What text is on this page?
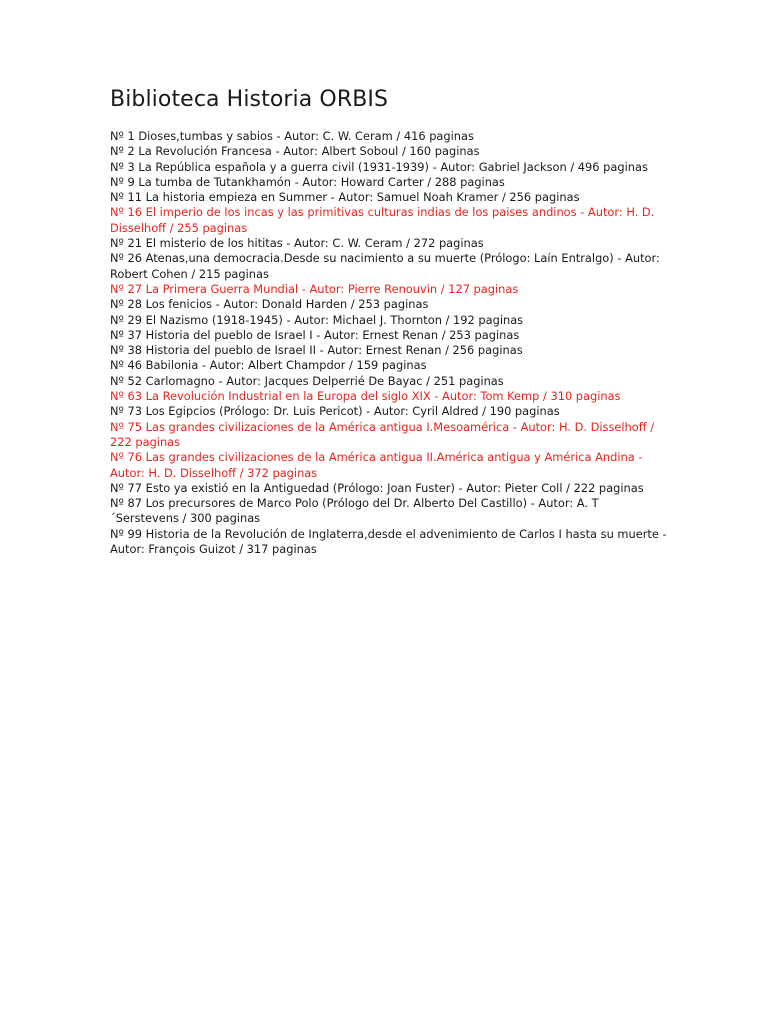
Biblioteca Historia ORBIS
Nº 1 Dioses,tumbas y sabios - Autor: C. W. Ceram / 416 paginas
Nº 2 La Revolución Francesa - Autor: Albert Soboul / 160 paginas
Nº 3 La República española y a guerra civil (1931-1939) - Autor: Gabriel Jackson / 496 paginas
Nº 9 La tumba de Tutankhamón - Autor: Howard Carter / 288 paginas
Nº 11 La historia empieza en Summer - Autor: Samuel Noah Kramer / 256 paginas
Nº 16 El imperio de los incas y las primitivas culturas indias de los paises andinos - Autor: H. D. Disselhoff / 255 paginas
Nº 21 El misterio de los hititas - Autor: C. W. Ceram / 272 paginas
Nº 26 Atenas,una democracia.Desde su nacimiento a su muerte (Prólogo: Laín Entralgo) - Autor: Robert Cohen / 215 paginas
Nº 27 La Primera Guerra Mundial - Autor: Pierre Renouvin / 127 paginas
Nº 28 Los fenicios - Autor: Donald Harden / 253 paginas
Nº 29 El Nazismo (1918-1945) - Autor: Michael J. Thornton / 192 paginas
Nº 37 Historia del pueblo de Israel I - Autor: Ernest Renan / 253 paginas
Nº 38 Historia del pueblo de Israel II - Autor: Ernest Renan / 256 paginas
Nº 46 Babilonia - Autor: Albert Champdor / 159 paginas
Nº 52 Carlomagno - Autor: Jacques Delperrié De Bayac / 251 paginas
Nº 63 La Revolución Industrial en la Europa del siglo XIX - Autor: Tom Kemp / 310 paginas
Nº 73 Los Egipcios (Prólogo: Dr. Luis Pericot) - Autor: Cyril Aldred / 190 paginas
Nº 75 Las grandes civilizaciones de la América antigua I.Mesoamérica - Autor: H. D. Disselhoff / 222 paginas
Nº 76 Las grandes civilizaciones de la América antigua II.América antigua y América Andina - Autor: H. D. Disselhoff / 372 paginas
Nº 77 Esto ya existió en la Antiguedad (Prólogo: Joan Fuster) - Autor: Pieter Coll / 222 paginas
Nº 87 Los precursores de Marco Polo (Prólogo del Dr. Alberto Del Castillo) - Autor: A. T ´Serstevens / 300 paginas
Nº 99 Historia de la Revolución de Inglaterra,desde el advenimiento de Carlos I hasta su muerte - Autor: François Guizot / 317 paginas
